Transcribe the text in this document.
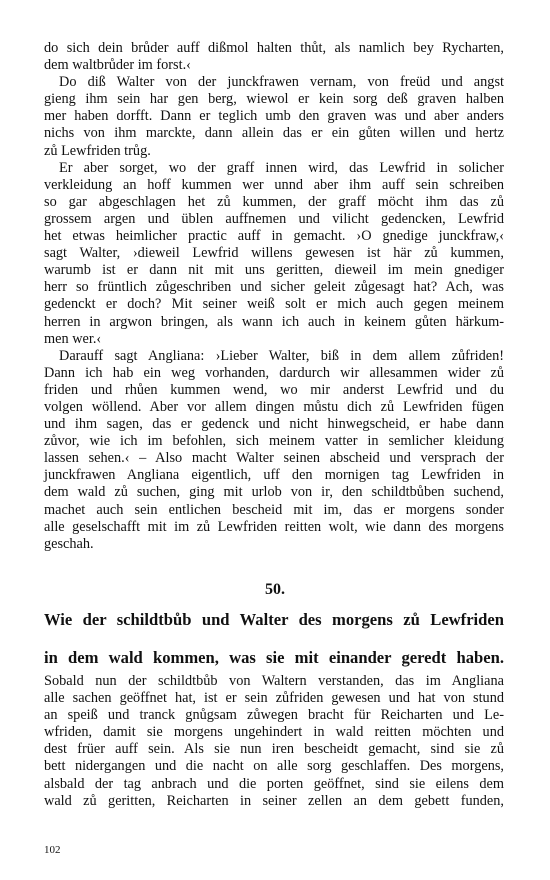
do sich dein brůder auff dißmol halten thůt, als namlich bey Rycharten,
dem waltbrůder im forst.‹
Do diß Walter von der junckfrawen vernam, von freüd und angst
gieng ihm sein har gen berg, wiewol er kein sorg deß graven halben
mer haben dorfft. Dann er teglich umb den graven was und aber anders
nichs von ihm marckte, dann allein das er ein gůten willen und hertz
zů Lewfriden trůg.
Er aber sorget, wo der graff innen wird, das Lewfrid in solicher
verkleidung an hoff kummen wer unnd aber ihm auff sein schreiben
so gar abgeschlagen het zů kummen, der graff möcht ihm das zů
grossem argen und üblen auffnemen und vilicht gedencken, Lewfrid
het etwas heimlicher practic auff in gemacht. ›O gnedige junckfraw,‹
sagt Walter, ›dieweil Lewfrid willens gewesen ist här zů kummen,
warumb ist er dann nit mit uns geritten, dieweil im mein gnediger
herr so früntlich zůgeschriben und sicher geleit zůgesagt hat? Ach, was
gedenckt er doch? Mit seiner weiß solt er mich auch gegen meinem
herren in argwon bringen, als wann ich auch in keinem gůten härkum-
men wer.‹
Darauff sagt Angliana: ›Lieber Walter, biß in dem allem zůfriden!
Dann ich hab ein weg vorhanden, dardurch wir allesammen wider zů
friden und rhůen kummen wend, wo mir anderst Lewfrid und du
volgen wöllend. Aber vor allem dingen můstu dich zů Lewfriden fügen
und ihm sagen, das er gedenck und nicht hinwegscheid, er habe dann
zůvor, wie ich im befohlen, sich meinem vatter in semlicher kleidung
lassen sehen.‹ – Also macht Walter seinen abscheid und versprach der
junckfrawen Angliana eigentlich, uff den mornigen tag Lewfriden in
dem wald zů suchen, ging mit urlob von ir, den schildtbůben suchend,
machet auch sein entlichen bescheid mit im, das er morgens sonder
alle geselschafft mit im zů Lewfriden reitten wolt, wie dann des morgens
geschah.
50.
Wie der schildtbůb und Walter des morgens zů Lewfriden
in dem wald kommen, was sie mit einander geredt haben.
Sobald nun der schildtbůb von Waltern verstanden, das im Angliana
alle sachen geöffnet hat, ist er sein zůfriden gewesen und hat von stund
an speiß und tranck gnůgsam zůwegen bracht für Reicharten und Le-
wfriden, damit sie morgens ungehindert in wald reitten möchten und
dest früer auff sein. Als sie nun iren bescheidt gemacht, sind sie zů
bett nidergangen und die nacht on alle sorg geschlaffen. Des morgens,
alsbald der tag anbrach und die porten geöffnet, sind sie eilens dem
wald zů geritten, Reicharten in seiner zellen an dem gebett funden,
102
